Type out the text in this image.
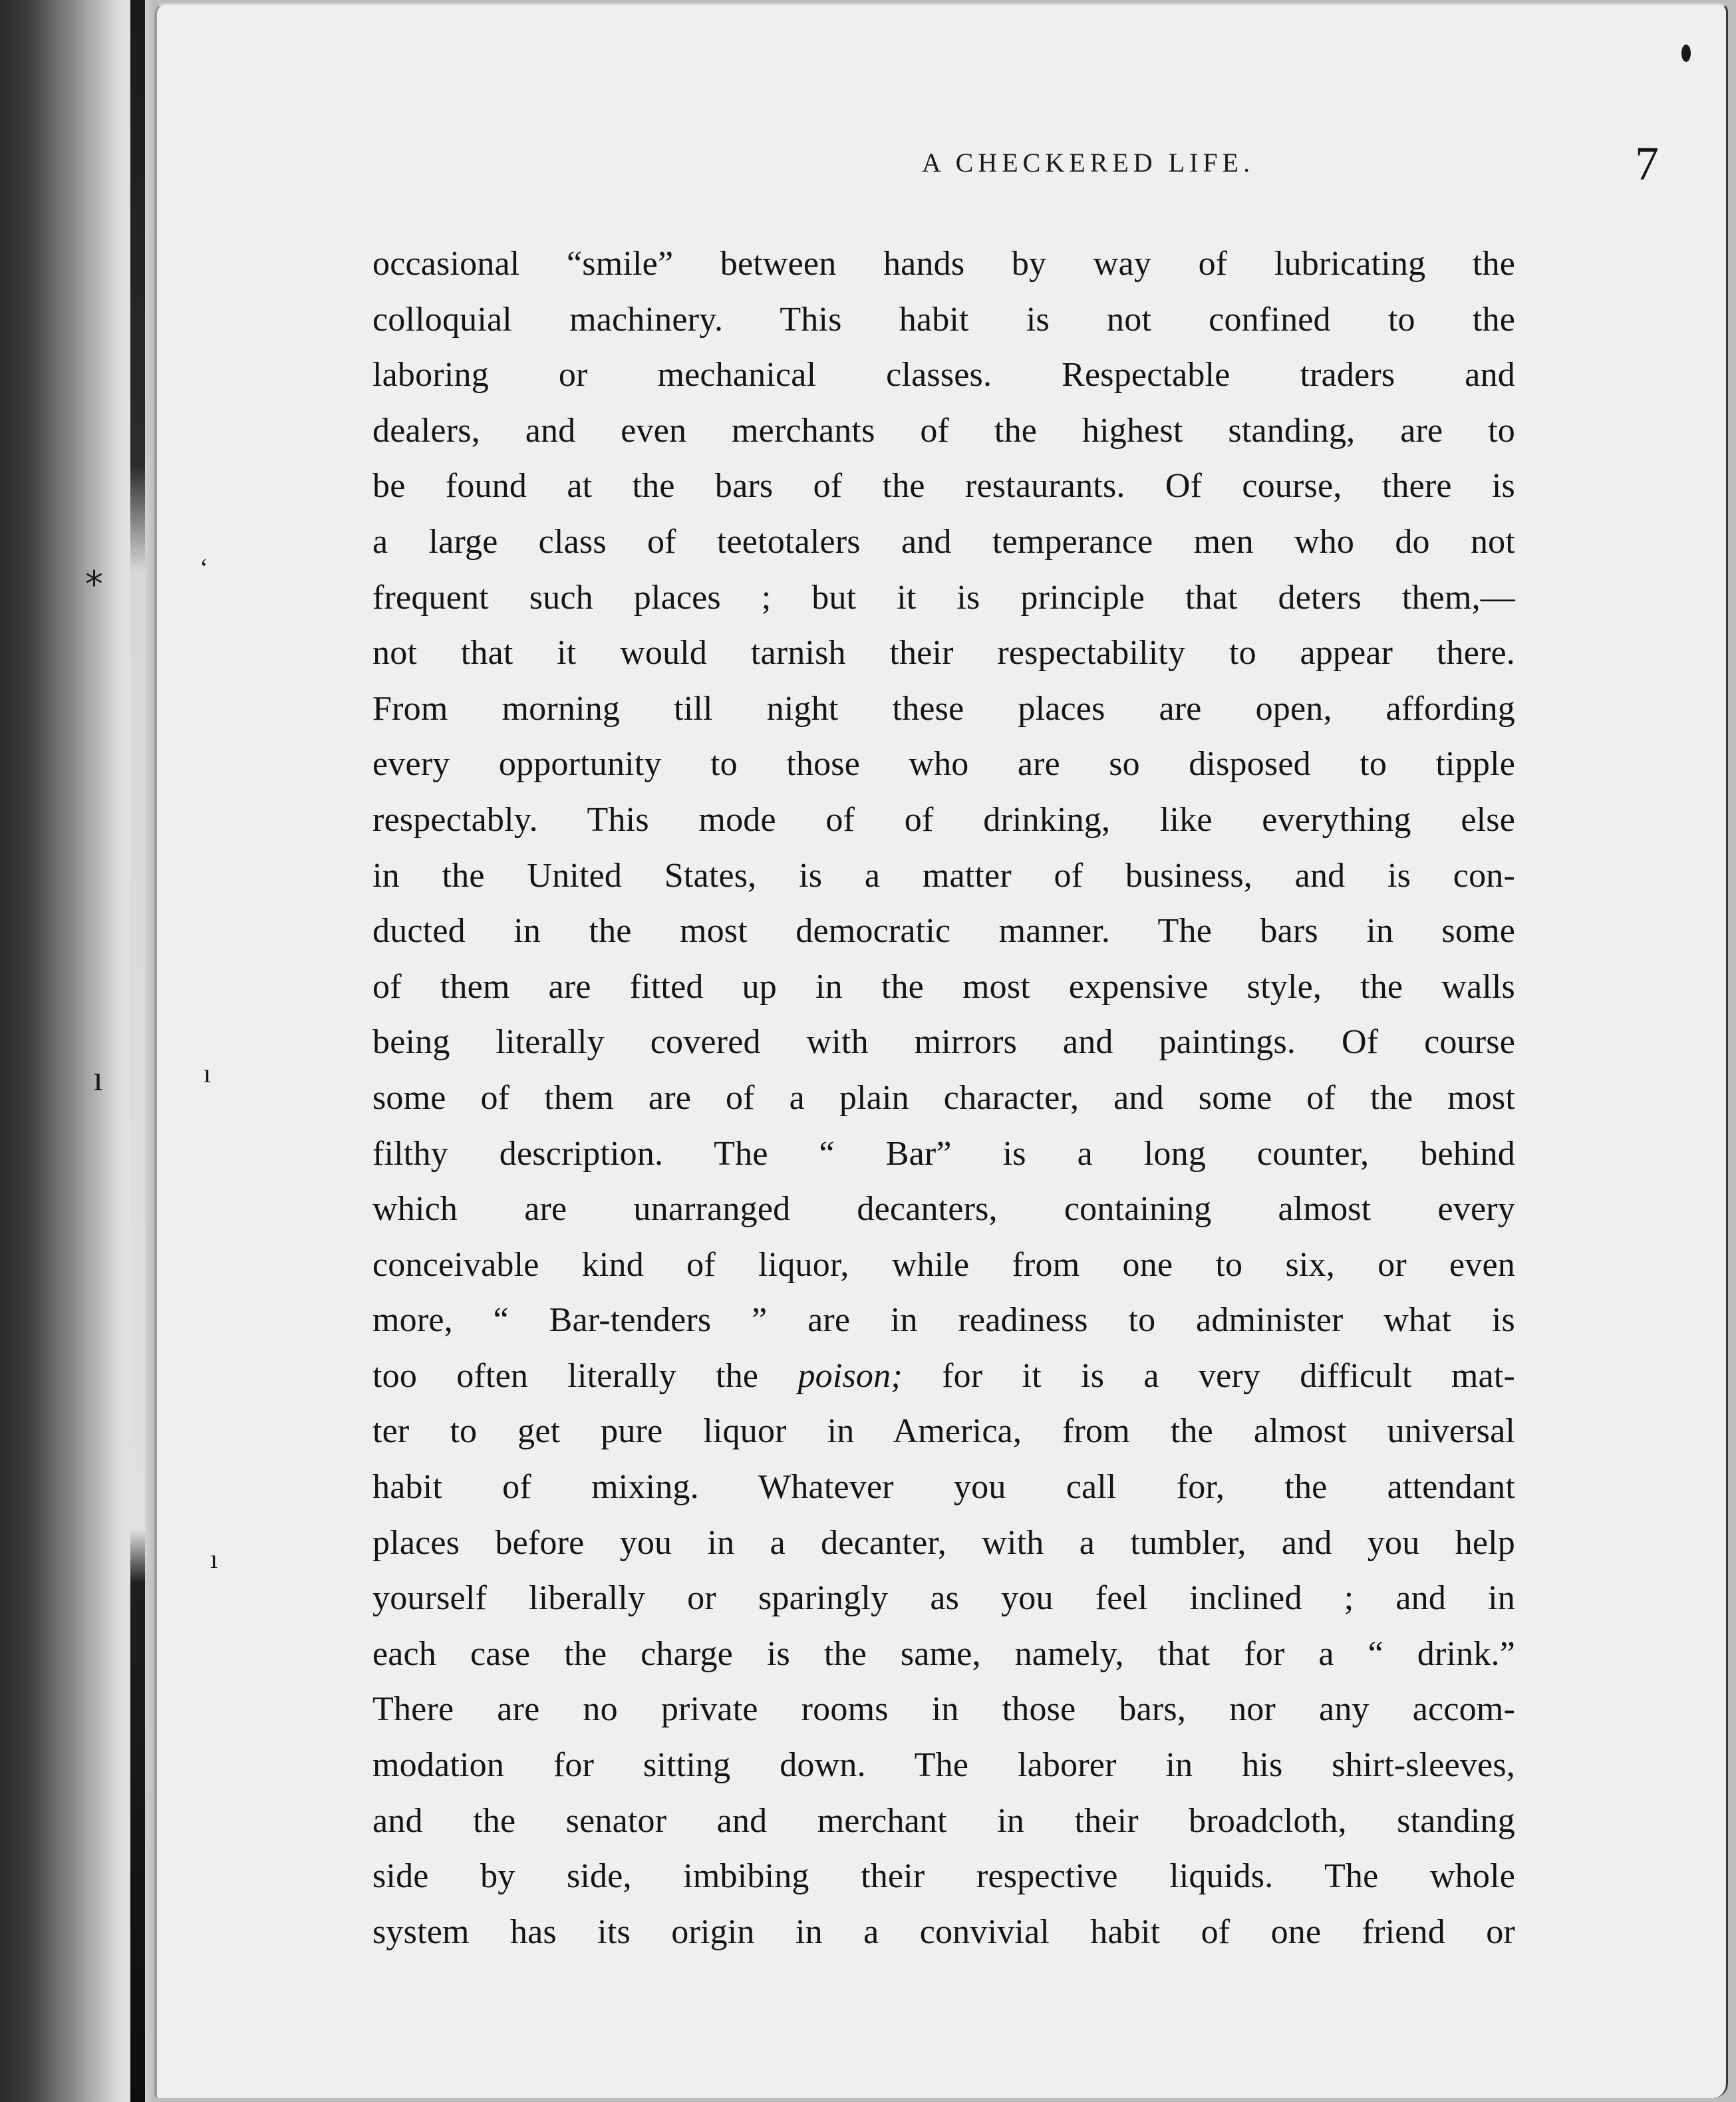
A CHECKERED LIFE.	7
⁎	‘
ı	ı
ı
occasional “smile” between hands by way of lubricating the
colloquial machinery. This habit is not confined to the
laboring or mechanical classes. Respectable traders and
dealers, and even merchants of the highest standing, are to
be found at the bars of the restaurants. Of course, there is
a large class of teetotalers and temperance men who do not
frequent such places ; but it is principle that deters them,—
not that it would tarnish their respectability to appear there.
From morning till night these places are open, affording
every opportunity to those who are so disposed to tipple
respectably. This mode of of drinking, like everything else
in the United States, is a matter of business, and is con-
ducted in the most democratic manner. The bars in some
of them are fitted up in the most expensive style, the walls
being literally covered with mirrors and paintings. Of course
some of them are of a plain character, and some of the most
filthy description. The “ Bar” is a long counter, behind
which are unarranged decanters, containing almost every
conceivable kind of liquor, while from one to six, or even
more, “ Bar-tenders ” are in readiness to administer what is
too often literally the poison; for it is a very difficult mat-
ter to get pure liquor in America, from the almost universal
habit of mixing. Whatever you call for, the attendant
places before you in a decanter, with a tumbler, and you help
yourself liberally or sparingly as you feel inclined ; and in
each case the charge is the same, namely, that for a “ drink.”
There are no private rooms in those bars, nor any accom-
modation for sitting down. The laborer in his shirt-sleeves,
and the senator and merchant in their broadcloth, standing
side by side, imbibing their respective liquids. The whole
system has its origin in a convivial habit of one friend or
